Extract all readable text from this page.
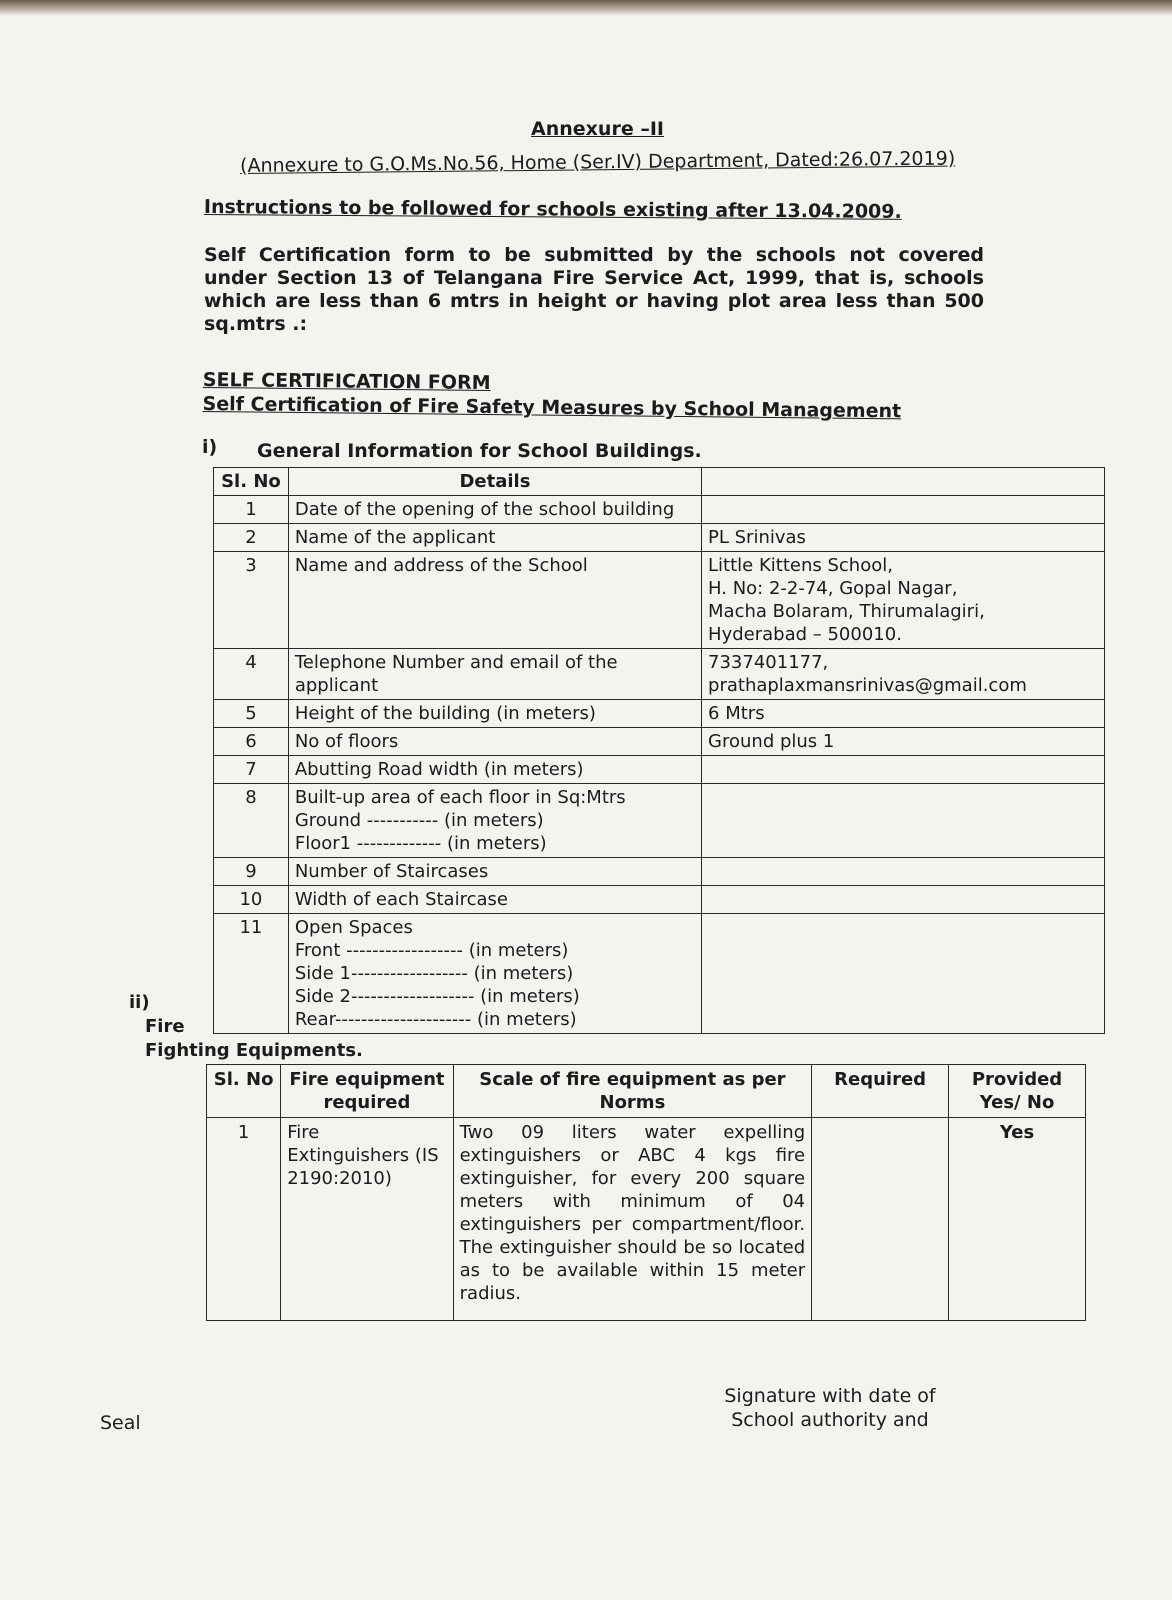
Annexure –II
(Annexure to G.O.Ms.No.56, Home (Ser.IV) Department, Dated:26.07.2019)
Instructions to be followed for schools existing after 13.04.2009.
Self Certification form to be submitted by the schools not covered under Section 13 of Telangana Fire Service Act, 1999, that is, schools which are less than 6 mtrs in height or having plot area less than 500 sq.mtrs .:
SELF CERTIFICATION FORM
Self Certification of Fire Safety Measures by School Management
i) General Information for School Buildings.
Sl. No	Details	
1	Date of the opening of the school building	
2	Name of the applicant	PL Srinivas
3	Name and address of the School	Little Kittens School,
H. No: 2-2-74, Gopal Nagar,
Macha Bolaram, Thirumalagiri,
Hyderabad – 500010.
4	Telephone Number and email of the applicant	7337401177,
prathaplaxmansrinivas@gmail.com
5	Height of the building (in meters)	6 Mtrs
6	No of floors	Ground plus 1
7	Abutting Road width (in meters)	
8	Built-up area of each floor in Sq:Mtrs
Ground ----------- (in meters)
Floor1 ------------- (in meters)	
9	Number of Staircases	
10	Width of each Staircase	
11	Open Spaces
Front ------------------ (in meters)
Side 1------------------ (in meters)
Side 2------------------- (in meters)
Rear--------------------- (in meters)	
ii)
Fire
Fighting Equipments.
Sl. No	Fire equipment required	Scale of fire equipment as per Norms	Required	Provided Yes/ No
1	Fire Extinguishers (IS 2190:2010)	Two 09 liters water expelling extinguishers or ABC 4 kgs fire extinguisher, for every 200 square meters with minimum of 04 extinguishers per compartment/floor. The extinguisher should be so located as to be available within 15 meter radius.		Yes
Signature with date of School authority and
Seal
